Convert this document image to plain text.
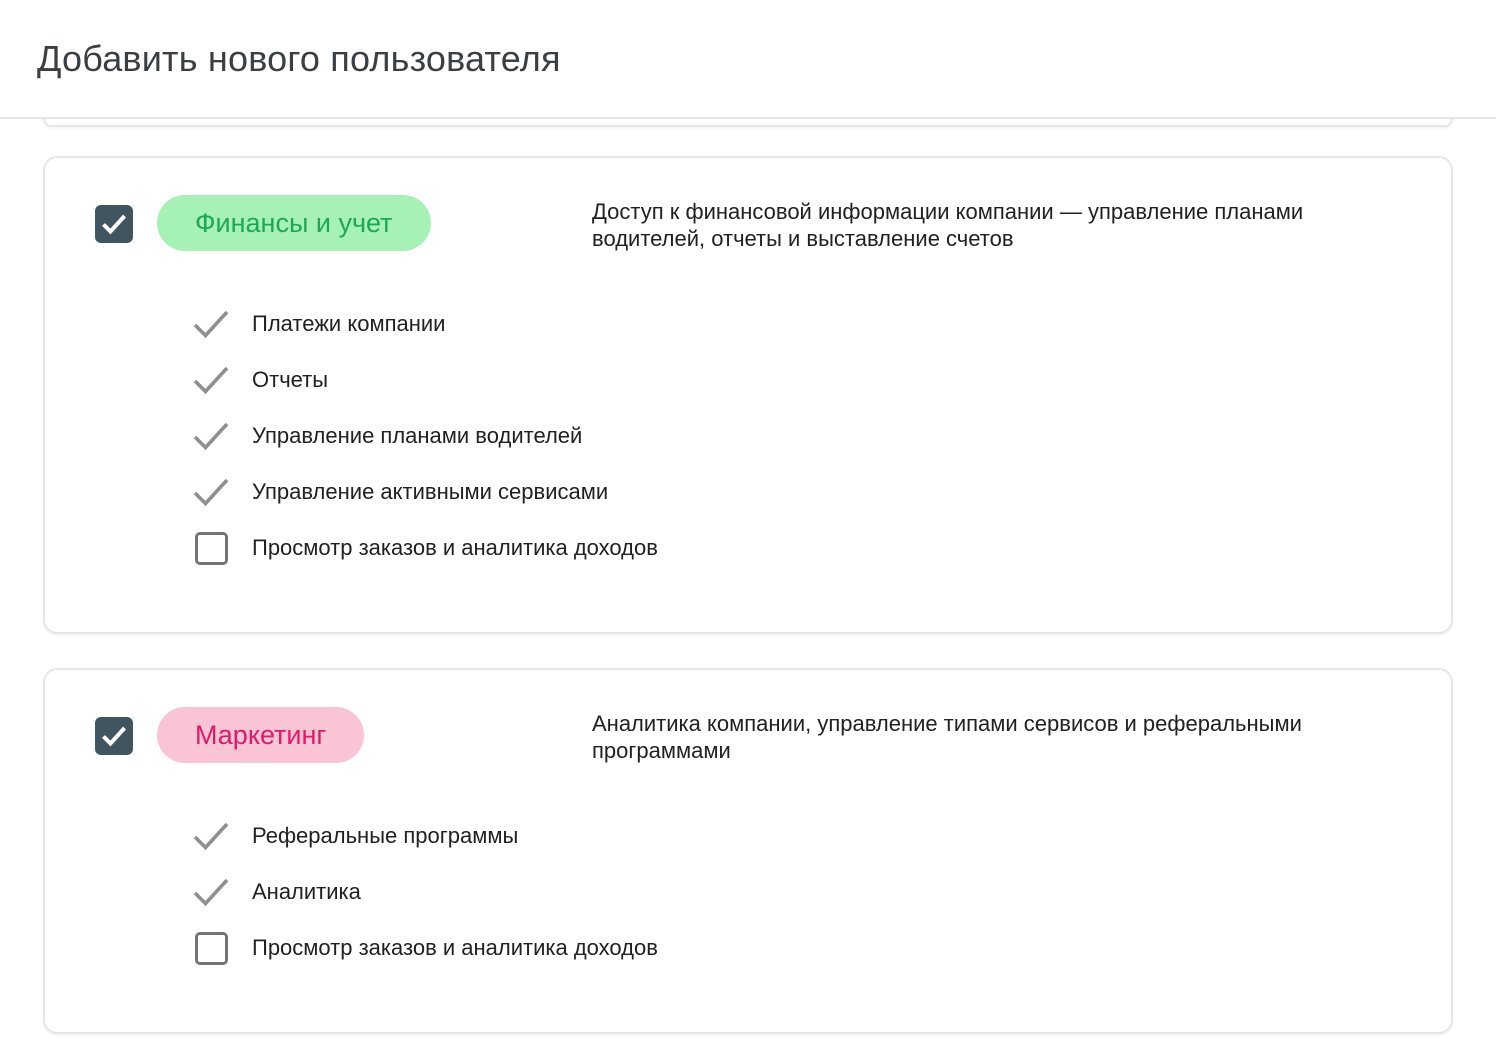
Добавить нового пользователя
Финансы и учет	Доступ к финансовой информации компании — управление планами водителей, отчеты и выставление счетов

Платежи компании
Отчеты
Управление планами водителей
Управление активными сервисами
Просмотр заказов и аналитика доходов
Маркетинг	Аналитика компании, управление типами сервисов и реферальными программами

Реферальные программы
Аналитика
Просмотр заказов и аналитика доходов
